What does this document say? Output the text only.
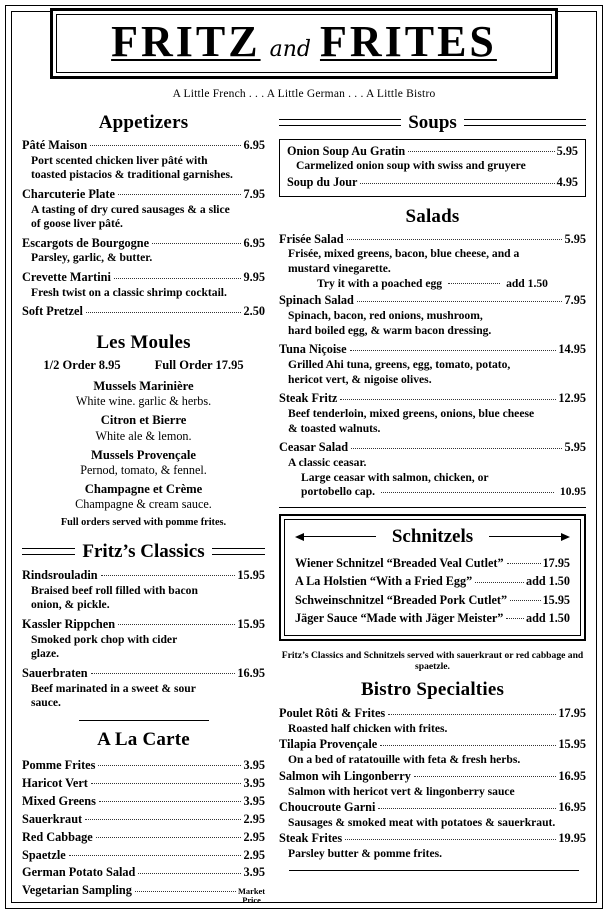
FRITZ and FRITES
A Little French . . . A Little German . . . A Little Bistro
Appetizers
Pâté Maison	6.95
Port scented chicken liver pâté with
toasted pistacios & traditional garnishes.
Charcuterie Plate	7.95
A tasting of dry cured sausages & a slice
of goose liver pâté.
Escargots de Bourgogne	6.95
Parsley, garlic, & butter.
Crevette Martini	9.95
Fresh twist on a classic shrimp cocktail.
Soft Pretzel	2.50
Les Moules
1/2 Order 8.95	Full Order 17.95
Mussels Marinière
White wine. garlic & herbs.
Citron et Bierre
White ale & lemon.
Mussels Provençale
Pernod, tomato, & fennel.
Champagne et Crème
Champagne & cream sauce.
Full orders served with pomme frites.
Fritz’s Classics
Rindsrouladin	15.95
Braised beef roll filled with bacon
onion, & pickle.
Kassler Rippchen	15.95
Smoked pork chop with cider
glaze.
Sauerbraten	16.95
Beef marinated in a sweet & sour
sauce.
A La Carte
Pomme Frites	3.95
Haricot Vert	3.95
Mixed Greens	3.95
Sauerkraut	2.95
Red Cabbage	2.95
Spaetzle	2.95
German Potato Salad	3.95
Vegetarian Sampling	Market
Price
Soups
Onion Soup Au Gratin	5.95
Carmelized onion soup with swiss and gruyere
Soup du Jour	4.95
Salads
Frisée Salad	5.95
Frisée, mixed greens, bacon, blue cheese, and a
mustard vinegarette.
Try it with a poached egg	add 1.50
Spinach Salad	7.95
Spinach, bacon, red onions, mushroom,
hard boiled egg, & warm bacon dressing.
Tuna Niçoise	14.95
Grilled Ahi tuna, greens, egg, tomato, potato,
hericot vert, & nigoise olives.
Steak Fritz	12.95
Beef tenderloin, mixed greens, onions, blue cheese
& toasted walnuts.
Ceasar Salad	5.95
A classic ceasar.
Large ceasar with salmon, chicken, or
portobello cap.	10.95
Schnitzels
Wiener Schnitzel “Breaded Veal Cutlet”	17.95
A La Holstien “With a Fried Egg”	add 1.50
Schweinschnitzel “Breaded Pork Cutlet”	15.95
Jäger Sauce “Made with Jäger Meister” add 1.50
Fritz’s Classics and Schnitzels served with sauerkraut or red cabbage and spaetzle.
Bistro Specialties
Poulet Rôti & Frites	17.95
Roasted half chicken with frites.
Tilapia Provençale	15.95
On a bed of ratatouille with feta & fresh herbs.
Salmon wih Lingonberry	16.95
Salmon with hericot vert & lingonberry sauce
Choucroute Garni	16.95
Sausages & smoked meat with potatoes & sauerkraut.
Steak Frites	19.95
Parsley butter & pomme frites.
